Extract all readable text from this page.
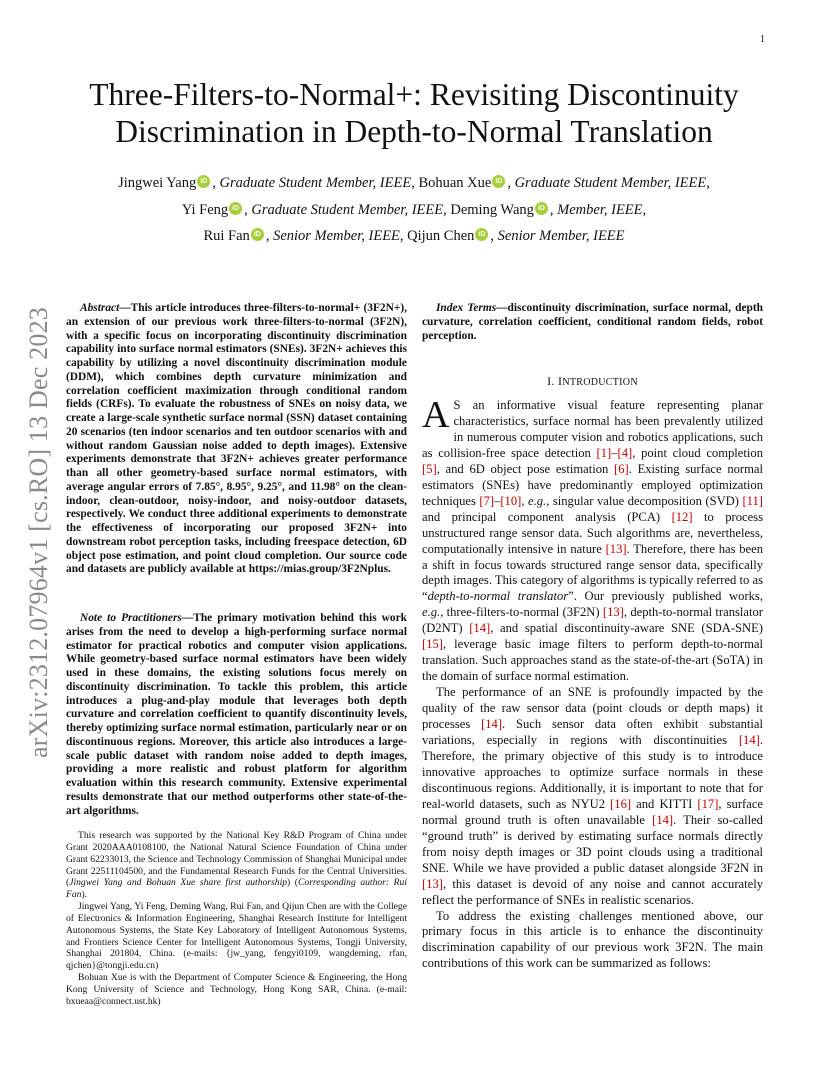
1
arXiv:2312.07964v1 [cs.RO] 13 Dec 2023
Three-Filters-to-Normal+: Revisiting Discontinuity
Discrimination in Depth-to-Normal Translation
Jingwei Yang iD , Graduate Student Member, IEEE, Bohuan Xue iD , Graduate Student Member, IEEE,
Yi Feng iD , Graduate Student Member, IEEE, Deming Wang iD , Member, IEEE,
Rui Fan iD , Senior Member, IEEE, Qijun Chen iD , Senior Member, IEEE

Abstract—This article introduces three-filters-to-normal+ (3F2N+), an extension of our previous work three-filters-to-normal (3F2N), with a specific focus on incorporating discontinuity discrimination capability into surface normal estimators (SNEs). 3F2N+ achieves this capability by utilizing a novel discontinuity discrimination module (DDM), which combines depth curvature minimization and correlation coefficient maximization through conditional random fields (CRFs). To evaluate the robustness of SNEs on noisy data, we create a large-scale synthetic surface normal (SSN) dataset containing 20 scenarios (ten indoor scenarios and ten outdoor scenarios with and without random Gaussian noise added to depth images). Extensive experiments demonstrate that 3F2N+ achieves greater performance than all other geometry-based surface normal estimators, with average angular errors of 7.85°, 8.95°, 9.25°, and 11.98° on the clean-indoor, clean-outdoor, noisy-indoor, and noisy-outdoor datasets, respectively. We conduct three additional experiments to demonstrate the effectiveness of incorporating our proposed 3F2N+ into downstream robot perception tasks, including freespace detection, 6D object pose estimation, and point cloud completion. Our source code and datasets are publicly available at https://mias.group/3F2Nplus.

Note to Practitioners—The primary motivation behind this work arises from the need to develop a high-performing surface normal estimator for practical robotics and computer vision applications. While geometry-based surface normal estimators have been widely used in these domains, the existing solutions focus merely on discontinuity discrimination. To tackle this problem, this article introduces a plug-and-play module that leverages both depth curvature and correlation coefficient to quantify discontinuity levels, thereby optimizing surface normal estimation, particularly near or on discontinuous regions. Moreover, this article also introduces a large-scale public dataset with random noise added to depth images, providing a more realistic and robust platform for algorithm evaluation within this research community. Extensive experimental results demonstrate that our method outperforms other state-of-the-art algorithms.

This research was supported by the National Key R&D Program of China under Grant 2020AAA0108100, the National Natural Science Foundation of China under Grant 62233013, the Science and Technology Commission of Shanghai Municipal under Grant 22511104500, and the Fundamental Research Funds for the Central Universities. (Jingwei Yang and Bohuan Xue share first authorship) (Corresponding author: Rui Fan).

Jingwei Yang, Yi Feng, Deming Wang, Rui Fan, and Qijun Chen are with the College of Electronics & Information Engineering, Shanghai Research Institute for Intelligent Autonomous Systems, the State Key Laboratory of Intelligent Autonomous Systems, and Frontiers Science Center for Intelligent Autonomous Systems, Tongji University, Shanghai 201804, China. (e-mails: {jw_yang, fengyi0109, wangdeming, rfan, qjchen}@tongji.edu.cn)

Bohuan Xue is with the Department of Computer Science & Engineering, the Hong Kong University of Science and Technology, Hong Kong SAR, China. (e-mail: bxueaa@connect.ust.hk)

Index Terms—discontinuity discrimination, surface normal, depth curvature, correlation coefficient, conditional random fields, robot perception.

I. INTRODUCTION

A S an informative visual feature representing planar characteristics, surface normal has been prevalently utilized in numerous computer vision and robotics applications, such as collision-free space detection [1]–[4], point cloud completion [5], and 6D object pose estimation [6]. Existing surface normal estimators (SNEs) have predominantly employed optimization techniques [7]–[10], e.g., singular value decomposition (SVD) [11] and principal component analysis (PCA) [12] to process unstructured range sensor data. Such algorithms are, nevertheless, computationally intensive in nature [13]. Therefore, there has been a shift in focus towards structured range sensor data, specifically depth images. This category of algorithms is typically referred to as “depth-to-normal translator”. Our previously published works, e.g., three-filters-to-normal (3F2N) [13], depth-to-normal translator (D2NT) [14], and spatial discontinuity-aware SNE (SDA-SNE) [15], leverage basic image filters to perform depth-to-normal translation. Such approaches stand as the state-of-the-art (SoTA) in the domain of surface normal estimation.

The performance of an SNE is profoundly impacted by the quality of the raw sensor data (point clouds or depth maps) it processes [14]. Such sensor data often exhibit substantial variations, especially in regions with discontinuities [14]. Therefore, the primary objective of this study is to introduce innovative approaches to optimize surface normals in these discontinuous regions. Additionally, it is important to note that for real-world datasets, such as NYU2 [16] and KITTI [17], surface normal ground truth is often unavailable [14]. Their so-called “ground truth” is derived by estimating surface normals directly from noisy depth images or 3D point clouds using a traditional SNE. While we have provided a public dataset alongside 3F2N in [13], this dataset is devoid of any noise and cannot accurately reflect the performance of SNEs in realistic scenarios.

To address the existing challenges mentioned above, our primary focus in this article is to enhance the discontinuity discrimination capability of our previous work 3F2N. The main contributions of this work can be summarized as follows:
